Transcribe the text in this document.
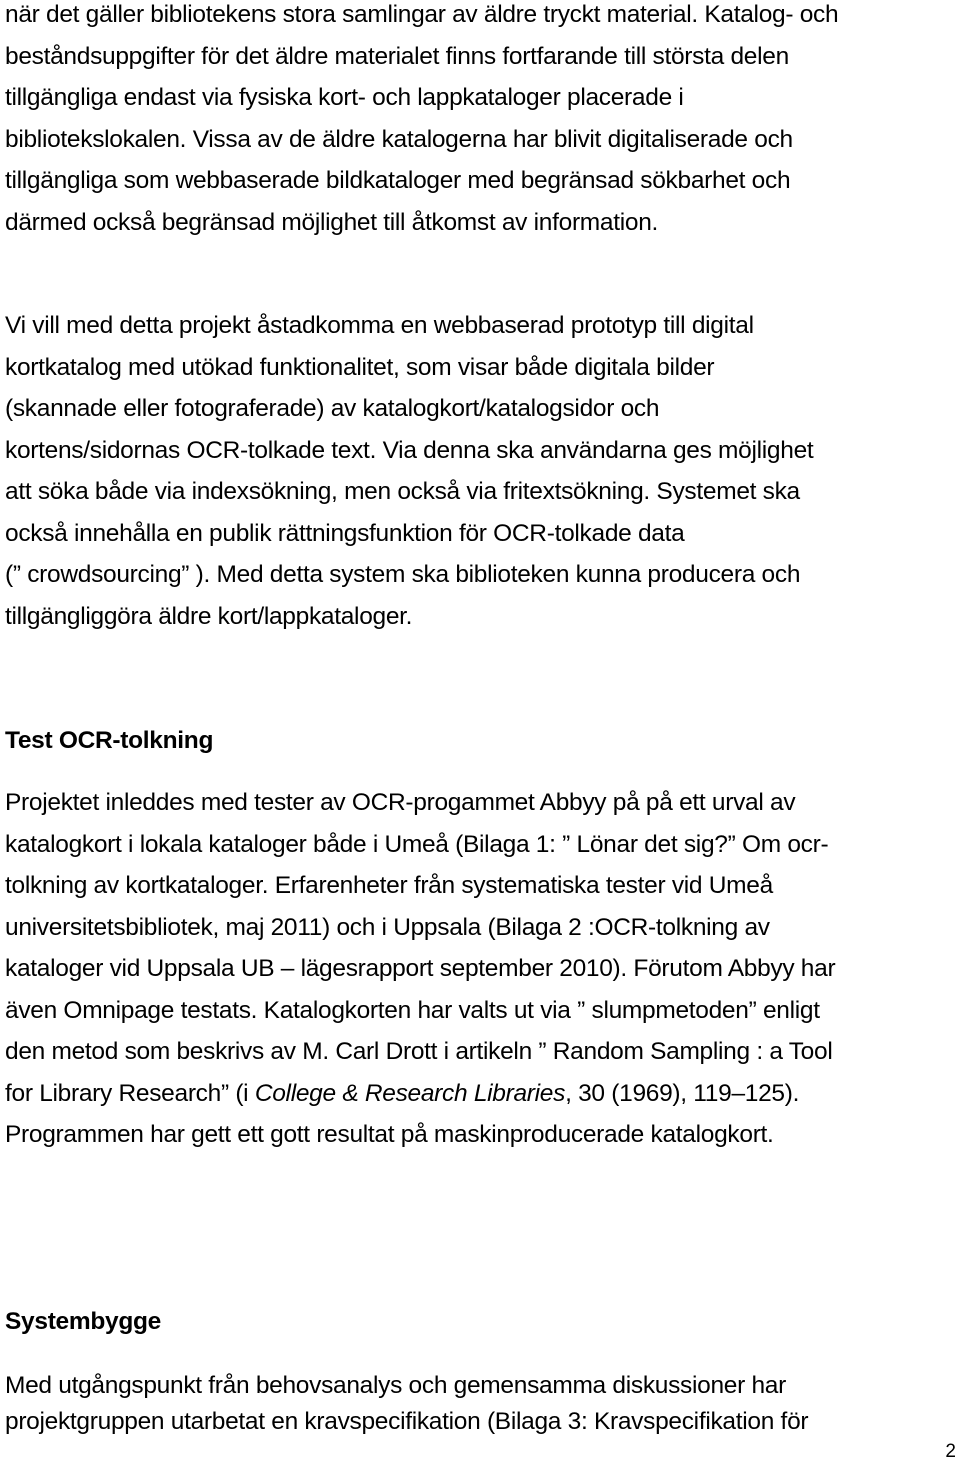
när det gäller bibliotekens stora samlingar av äldre tryckt material. Katalog- och
beståndsuppgifter för det äldre materialet finns fortfarande till största delen
tillgängliga endast via fysiska kort- och lappkataloger placerade i
bibliotekslokalen. Vissa av de äldre katalogerna har blivit digitaliserade och
tillgängliga som webbaserade bildkataloger med begränsad sökbarhet och
därmed också begränsad möjlighet till åtkomst av information.

Vi vill med detta projekt åstadkomma en webbaserad prototyp till digital
kortkatalog med utökad funktionalitet, som visar både digitala bilder
(skannade eller fotograferade) av katalogkort/katalogsidor och
kortens/sidornas OCR-tolkade text. Via denna ska användarna ges möjlighet
att söka både via indexsökning, men också via fritextsökning. Systemet ska
också innehålla en publik rättningsfunktion för OCR-tolkade data
(” crowdsourcing” ). Med detta system ska biblioteken kunna producera och
tillgängliggöra äldre kort/lappkataloger.

Test OCR-tolkning

Projektet inleddes med tester av OCR-progammet Abbyy på på ett urval av
katalogkort i lokala kataloger både i Umeå (Bilaga 1: ” Lönar det sig?” Om ocr-
tolkning av kortkataloger. Erfarenheter från systematiska tester vid Umeå
universitetsbibliotek, maj 2011) och i Uppsala (Bilaga 2 :OCR-tolkning av
kataloger vid Uppsala UB – lägesrapport september 2010). Förutom Abbyy har
även Omnipage testats. Katalogkorten har valts ut via ” slumpmetoden” enligt
den metod som beskrivs av M. Carl Drott i artikeln ” Random Sampling : a Tool
for Library Research” (i College & Research Libraries, 30 (1969), 119–125).
Programmen har gett ett gott resultat på maskinproducerade katalogkort.

Systembygge

Med utgångspunkt från behovsanalys och gemensamma diskussioner har
projektgruppen utarbetat en kravspecifikation (Bilaga 3: Kravspecifikation för

2
